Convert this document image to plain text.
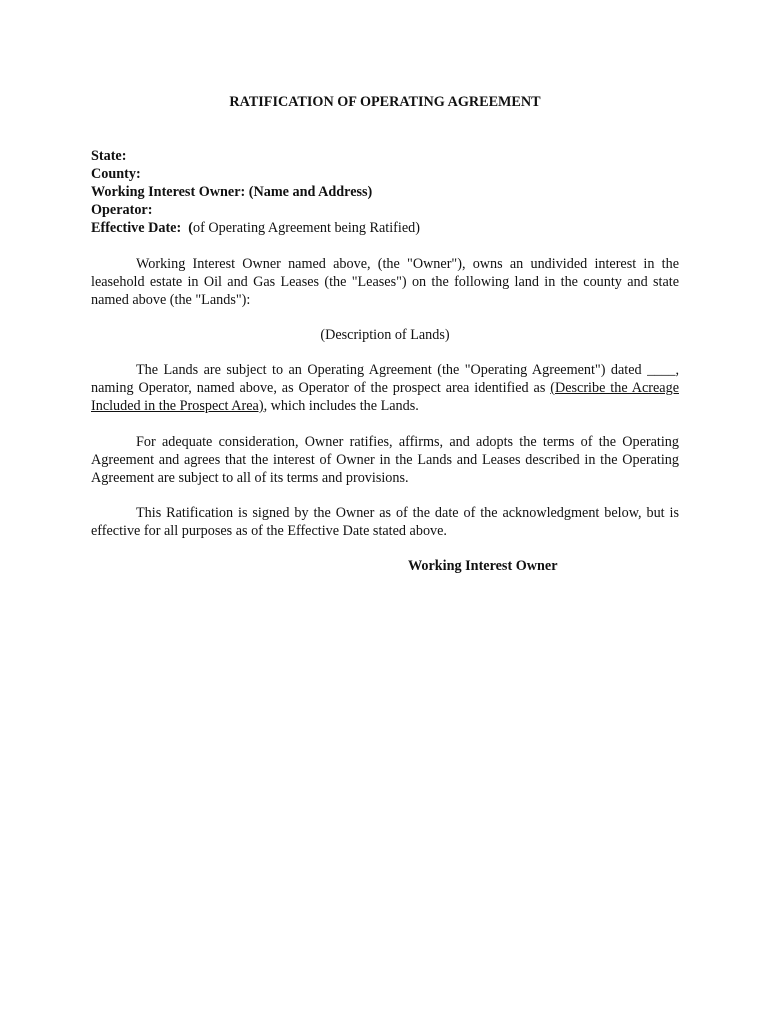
RATIFICATION OF OPERATING AGREEMENT
State:
County:
Working Interest Owner: (Name and Address)
Operator:
Effective Date: (of Operating Agreement being Ratified)

Working Interest Owner named above, (the "Owner"), owns an undivided interest in the leasehold estate in Oil and Gas Leases (the "Leases") on the following land in the county and state named above (the "Lands"):

(Description of Lands)

The Lands are subject to an Operating Agreement (the "Operating Agreement") dated ____, naming Operator, named above, as Operator of the prospect area identified as (Describe the Acreage Included in the Prospect Area), which includes the Lands.

For adequate consideration, Owner ratifies, affirms, and adopts the terms of the Operating Agreement and agrees that the interest of Owner in the Lands and Leases described in the Operating Agreement are subject to all of its terms and provisions.

This Ratification is signed by the Owner as of the date of the acknowledgment below, but is effective for all purposes as of the Effective Date stated above.

Working Interest Owner
